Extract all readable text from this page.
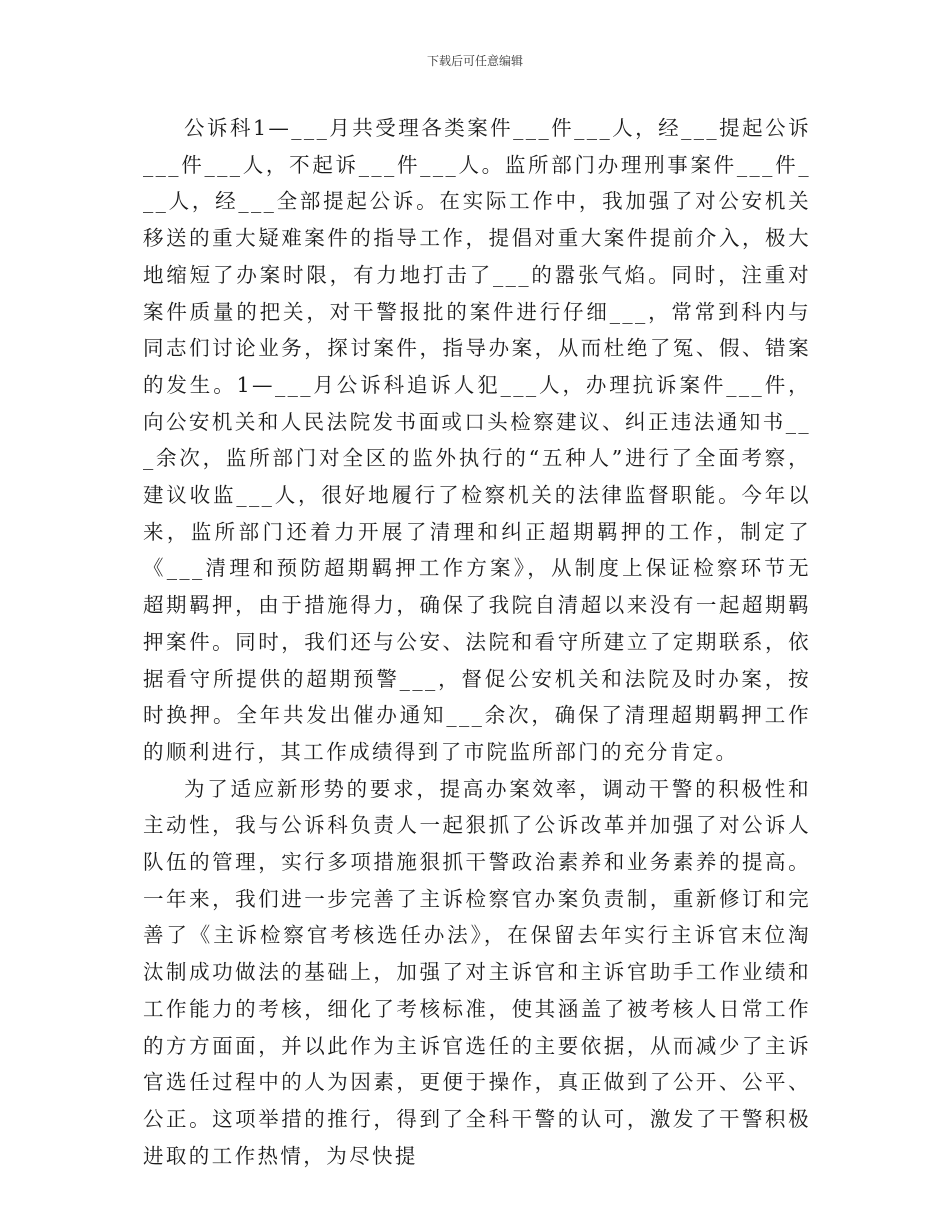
下载后可任意编辑

公诉科1—___月共受理各类案件___件___人，经___提起公诉___件___人，不起诉___件___人。监所部门办理刑事案件___件___人，经___全部提起公诉。在实际工作中，我加强了对公安机关移送的重大疑难案件的指导工作，提倡对重大案件提前介入，极大地缩短了办案时限，有力地打击了___的嚣张气焰。同时，注重对案件质量的把关，对干警报批的案件进行仔细___，常常到科内与同志们讨论业务，探讨案件，指导办案，从而杜绝了冤、假、错案的发生。1—___月公诉科追诉人犯___人，办理抗诉案件___件，向公安机关和人民法院发书面或口头检察建议、纠正违法通知书___余次，监所部门对全区的监外执行的“五种人”进行了全面考察，建议收监___人，很好地履行了检察机关的法律监督职能。今年以来，监所部门还着力开展了清理和纠正超期羁押的工作，制定了《___清理和预防超期羁押工作方案》，从制度上保证检察环节无超期羁押，由于措施得力，确保了我院自清超以来没有一起超期羁押案件。同时，我们还与公安、法院和看守所建立了定期联系，依据看守所提供的超期预警___，督促公安机关和法院及时办案，按时换押。全年共发出催办通知___余次，确保了清理超期羁押工作的顺利进行，其工作成绩得到了市院监所部门的充分肯定。

为了适应新形势的要求，提高办案效率，调动干警的积极性和主动性，我与公诉科负责人一起狠抓了公诉改革并加强了对公诉人队伍的管理，实行多项措施狠抓干警政治素养和业务素养的提高。一年来，我们进一步完善了主诉检察官办案负责制，重新修订和完善了《主诉检察官考核选任办法》，在保留去年实行主诉官末位淘汰制成功做法的基础上，加强了对主诉官和主诉官助手工作业绩和工作能力的考核，细化了考核标准，使其涵盖了被考核人日常工作的方方面面，并以此作为主诉官选任的主要依据，从而减少了主诉官选任过程中的人为因素，更便于操作，真正做到了公开、公平、公正。这项举措的推行，得到了全科干警的认可，激发了干警积极进取的工作热情，为尽快提
